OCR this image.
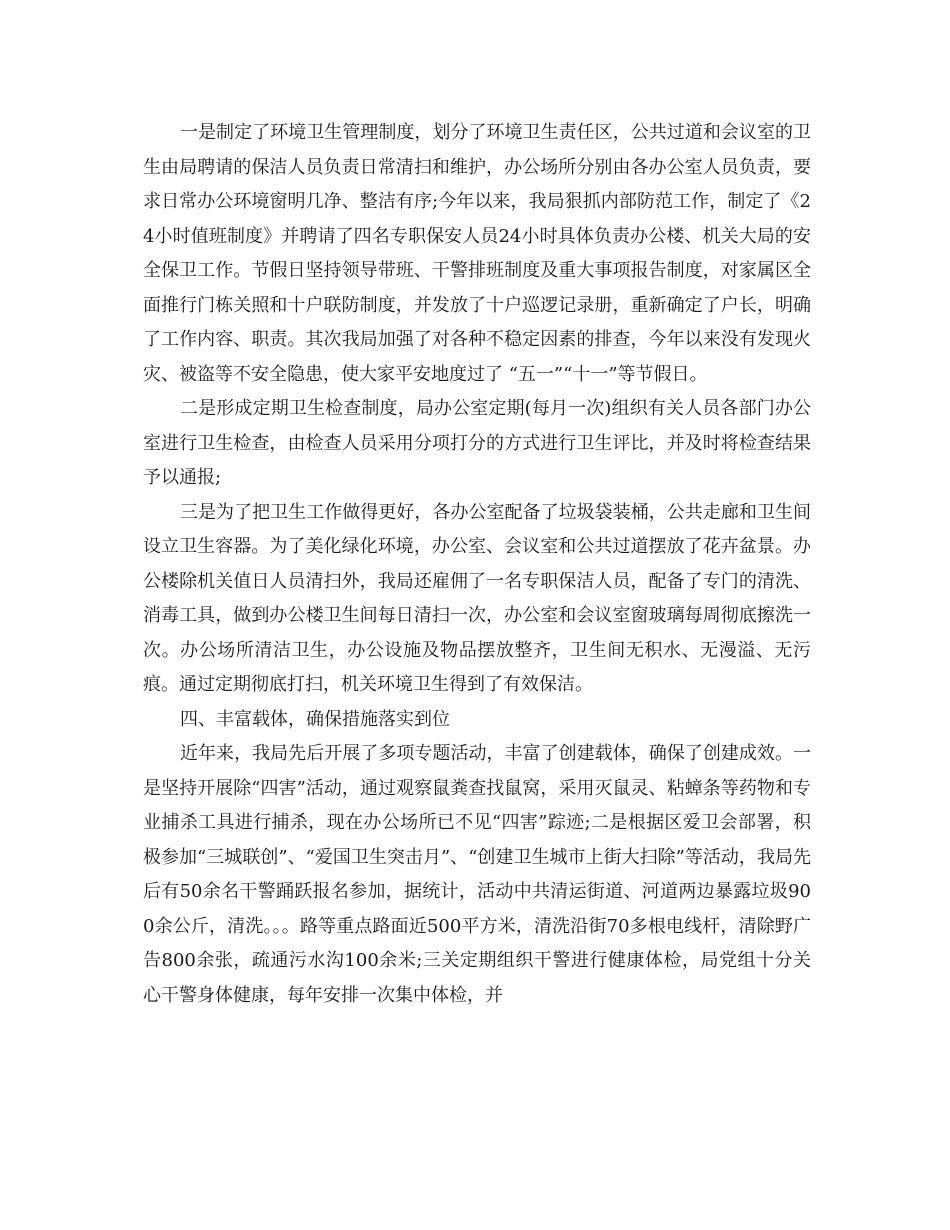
一是制定了环境卫生管理制度，划分了环境卫生责任区，公共过道和会议室的卫生由局聘请的保洁人员负责日常清扫和维护，办公场所分别由各办公室人员负责，要求日常办公环境窗明几净、整洁有序;今年以来，我局狠抓内部防范工作，制定了《24小时值班制度》并聘请了四名专职保安人员24小时具体负责办公楼、机关大局的安全保卫工作。节假日坚持领导带班、干警排班制度及重大事项报告制度，对家属区全面推行门栋关照和十户联防制度，并发放了十户巡逻记录册，重新确定了户长，明确了工作内容、职责。其次我局加强了对各种不稳定因素的排查，今年以来没有发现火灾、被盗等不安全隐患，使大家平安地度过了 “五一”“十一”等节假日。

二是形成定期卫生检查制度，局办公室定期(每月一次)组织有关人员各部门办公室进行卫生检查，由检查人员采用分项打分的方式进行卫生评比，并及时将检查结果予以通报;

三是为了把卫生工作做得更好，各办公室配备了垃圾袋装桶，公共走廊和卫生间设立卫生容器。为了美化绿化环境，办公室、会议室和公共过道摆放了花卉盆景。办公楼除机关值日人员清扫外，我局还雇佣了一名专职保洁人员，配备了专门的清洗、消毒工具，做到办公楼卫生间每日清扫一次，办公室和会议室窗玻璃每周彻底擦洗一次。办公场所清洁卫生，办公设施及物品摆放整齐，卫生间无积水、无漫溢、无污痕。通过定期彻底打扫，机关环境卫生得到了有效保洁。

四、丰富载体，确保措施落实到位

近年来，我局先后开展了多项专题活动，丰富了创建载体，确保了创建成效。一是坚持开展除“四害”活动，通过观察鼠粪查找鼠窝，采用灭鼠灵、粘蟑条等药物和专业捕杀工具进行捕杀，现在办公场所已不见“四害”踪迹;二是根据区爱卫会部署，积极参加“三城联创”、“爱国卫生突击月”、“创建卫生城市上街大扫除”等活动，我局先后有50余名干警踊跃报名参加，据统计，活动中共清运街道、河道两边暴露垃圾900余公斤，清洗。。。路等重点路面近500平方米，清洗沿街70多根电线杆，清除野广告800余张，疏通污水沟100余米;三关定期组织干警进行健康体检，局党组十分关心干警身体健康，每年安排一次集中体检，并
